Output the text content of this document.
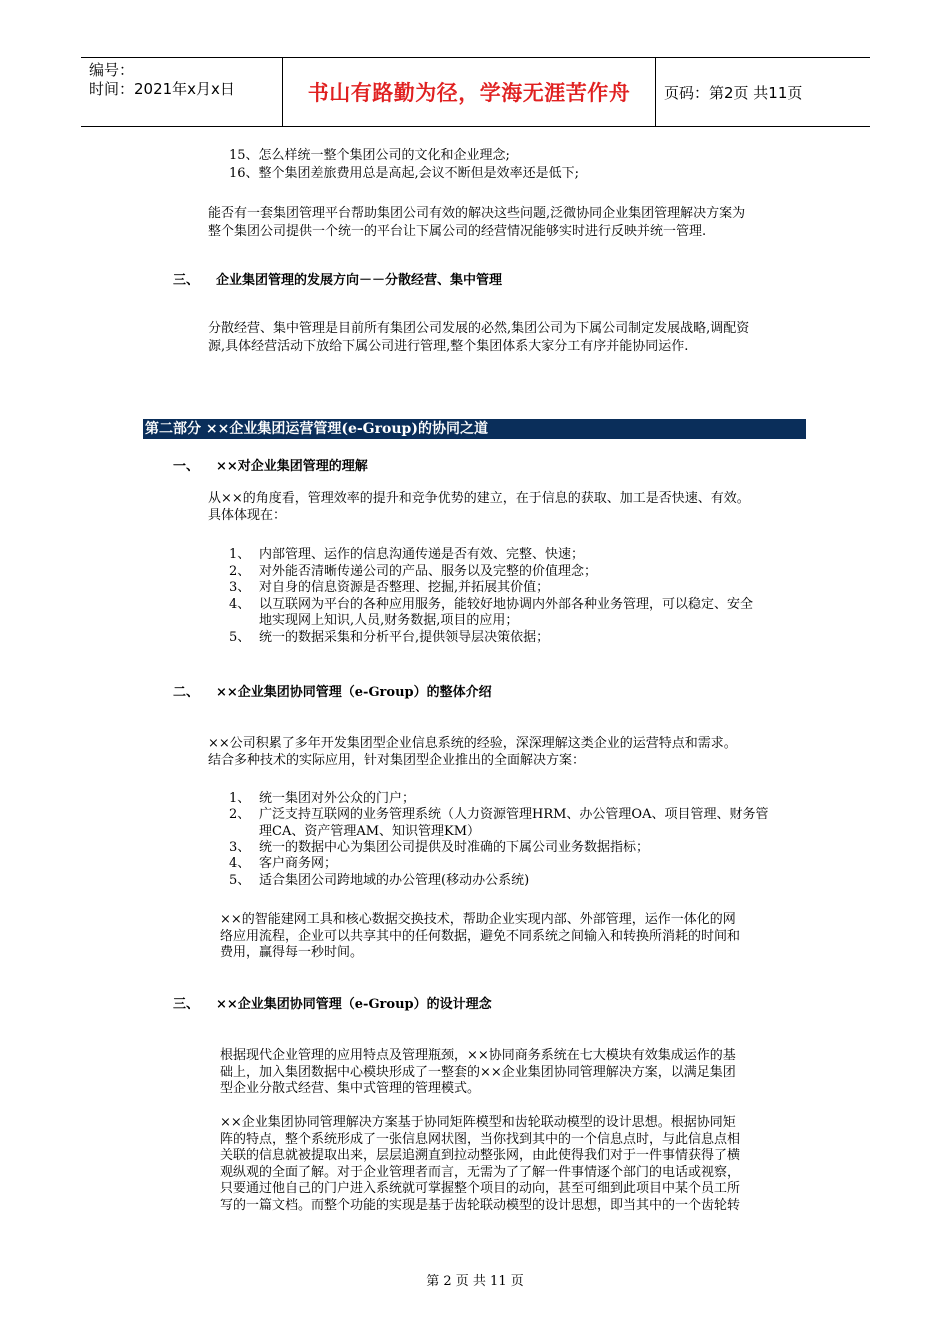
编号：
时间：2021年x月x日	书山有路勤为径，学海无涯苦作舟	页码：第2页 共11页
15、怎么样统一整个集团公司的文化和企业理念;
16、整个集团差旅费用总是高起,会议不断但是效率还是低下;
能否有一套集团管理平台帮助集团公司有效的解决这些问题,泛微协同企业集团管理解决方案为
整个集团公司提供一个统一的平台让下属公司的经营情况能够实时进行反映并统一管理.
三、 企业集团管理的发展方向－－分散经营、集中管理
分散经营、集中管理是目前所有集团公司发展的必然,集团公司为下属公司制定发展战略,调配资
源,具体经营活动下放给下属公司进行管理,整个集团体系大家分工有序并能协同运作.
第二部分 ××企业集团运营管理(e-Group)的协同之道
一、 ××对企业集团管理的理解
从××的角度看，管理效率的提升和竞争优势的建立，在于信息的获取、加工是否快速、有效。
具体体现在：
1、 内部管理、运作的信息沟通传递是否有效、完整、快速；
2、 对外能否清晰传递公司的产品、服务以及完整的价值理念；
3、 对自身的信息资源是否整理、挖掘,并拓展其价值；
4、 以互联网为平台的各种应用服务，能较好地协调内外部各种业务管理，可以稳定、安全
地实现网上知识,人员,财务数据,项目的应用；
5、 统一的数据采集和分析平台,提供领导层决策依据；
二、 ××企业集团协同管理（e-Group）的整体介绍
××公司积累了多年开发集团型企业信息系统的经验，深深理解这类企业的运营特点和需求。
结合多种技术的实际应用，针对集团型企业推出的全面解决方案：
1、 统一集团对外公众的门户；
2、 广泛支持互联网的业务管理系统（人力资源管理HRM、办公管理OA、项目管理、财务管
理CA、资产管理AM、知识管理KM）
3、 统一的数据中心为集团公司提供及时准确的下属公司业务数据指标；
4、 客户商务网；
5、 适合集团公司跨地域的办公管理(移动办公系统)
××的智能建网工具和核心数据交换技术，帮助企业实现内部、外部管理，运作一体化的网
络应用流程，企业可以共享其中的任何数据，避免不同系统之间输入和转换所消耗的时间和
费用，赢得每一秒时间。
三、 ××企业集团协同管理（e-Group）的设计理念
根据现代企业管理的应用特点及管理瓶颈，××协同商务系统在七大模块有效集成运作的基
础上，加入集团数据中心模块形成了一整套的××企业集团协同管理解决方案，以满足集团
型企业分散式经营、集中式管理的管理模式。
××企业集团协同管理解决方案基于协同矩阵模型和齿轮联动模型的设计思想。根据协同矩
阵的特点，整个系统形成了一张信息网状图，当你找到其中的一个信息点时，与此信息点相
关联的信息就被提取出来，层层追溯直到拉动整张网，由此使得我们对于一件事情获得了横
观纵观的全面了解。对于企业管理者而言，无需为了了解一件事情逐个部门的电话或视察，
只要通过他自己的门户进入系统就可掌握整个项目的动向，甚至可细到此项目中某个员工所
写的一篇文档。而整个功能的实现是基于齿轮联动模型的设计思想，即当其中的一个齿轮转
第 2 页 共 11 页
